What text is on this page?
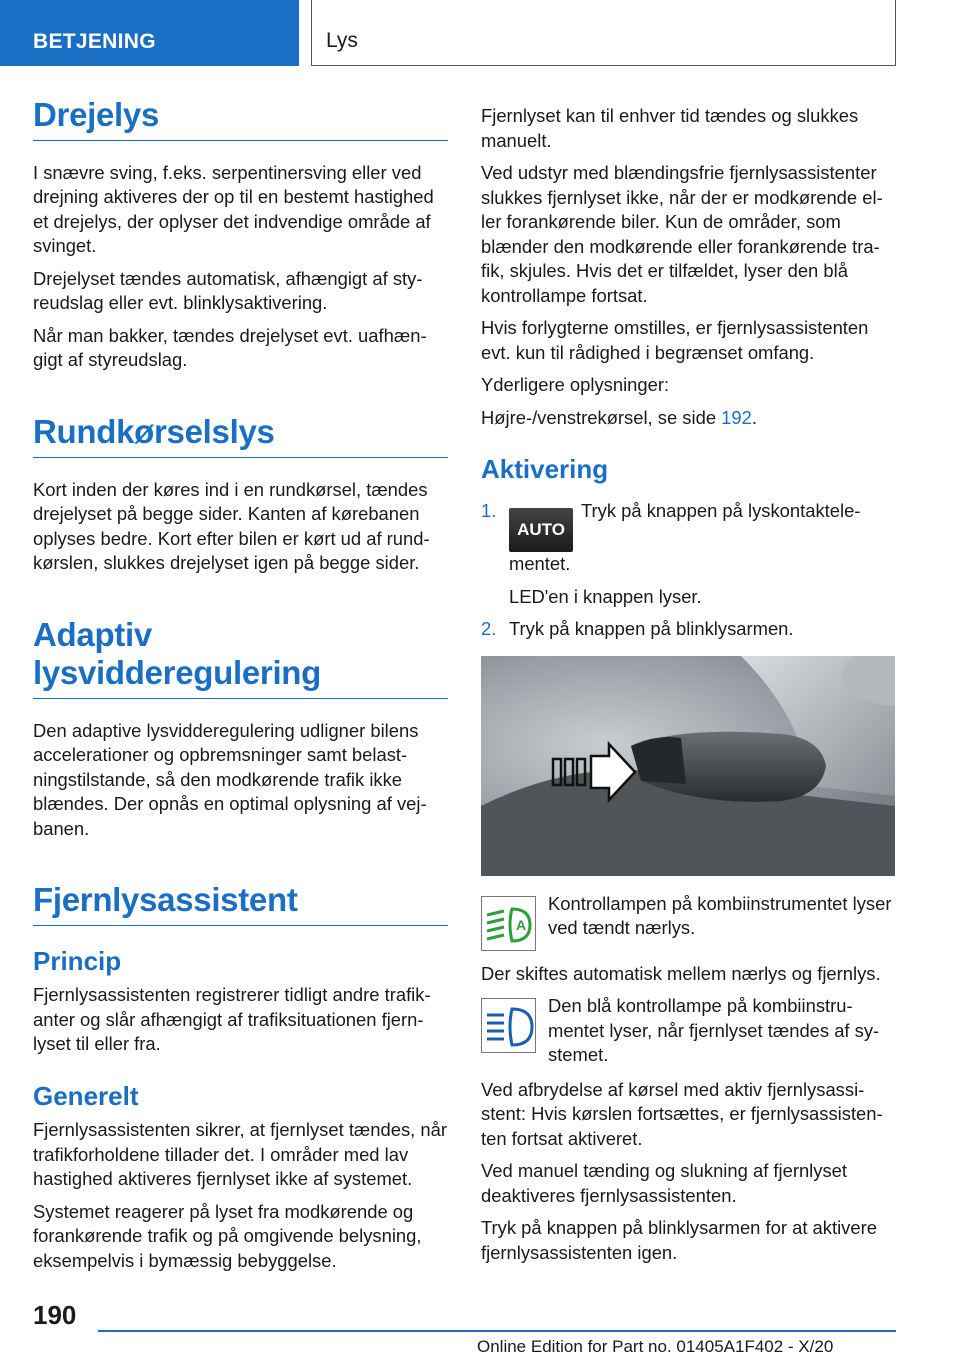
BETJENING	Lys
Drejelys

I snævre sving, f.eks. serpentinersving eller ved drejning aktiveres der op til en bestemt hastighed et drejelys, der oplyser det indvendige område af svinget.

Drejelyset tændes automatisk, afhængigt af styreudslag eller evt. blinklysaktivering.

Når man bakker, tændes drejelyset evt. uafhængigt af styreudslag.

Rundkørselslys

Kort inden der køres ind i en rundkørsel, tændes drejelyset på begge sider. Kanten af kørebanen oplyses bedre. Kort efter bilen er kørt ud af rundkørslen, slukkes drejelyset igen på begge sider.

Adaptiv lysvidderegulering

Den adaptive lysvidderegulering udligner bilens accelerationer og opbremsninger samt belastningstilstande, så den modkørende trafik ikke blændes. Der opnås en optimal oplysning af vejbanen.

Fjernlysassistent
Princip

Fjernlysassistenten registrerer tidligt andre trafikanter og slår afhængigt af trafiksituationen fjernlyset til eller fra.

Generelt

Fjernlysassistenten sikrer, at fjernlyset tændes, når trafikforholdene tillader det. I områder med lav hastighed aktiveres fjernlyset ikke af systemet.

Systemet reagerer på lyset fra modkørende og forankørende trafik og på omgivende belysning, eksempelvis i bymæssig bebyggelse.

Fjernlyset kan til enhver tid tændes og slukkes manuelt.

Ved udstyr med blændingsfrie fjernlysassistenter slukkes fjernlyset ikke, når der er modkørende eller forankørende biler. Kun de områder, som blænder den modkørende eller forankørende trafik, skjules. Hvis det er tilfældet, lyser den blå kontrollampe fortsat.

Hvis forlygterne omstilles, er fjernlysassistenten evt. kun til rådighed i begrænset omfang.

Yderligere oplysninger:

Højre-/venstrekørsel, se side 192.

Aktivering
1.
AUTOTryk på knappen på lyskontaktelementet.
LED'en i knappen lyser.
2. Tryk på knappen på blinklysarmen.
A

Kontrollampen på kombiinstrumentet lyser ved tændt nærlys.

Der skiftes automatisk mellem nærlys og fjernlys.

Den blå kontrollampe på kombiinstrumentet lyser, når fjernlyset tændes af systemet.

Ved afbrydelse af kørsel med aktiv fjernlysassistent: Hvis kørslen fortsættes, er fjernlysassistenten fortsat aktiveret.

Ved manuel tænding og slukning af fjernlyset deaktiveres fjernlysassistenten.

Tryk på knappen på blinklysarmen for at aktivere fjernlysassistenten igen.

190
Online Edition for Part no. 01405A1F402 - X/20
